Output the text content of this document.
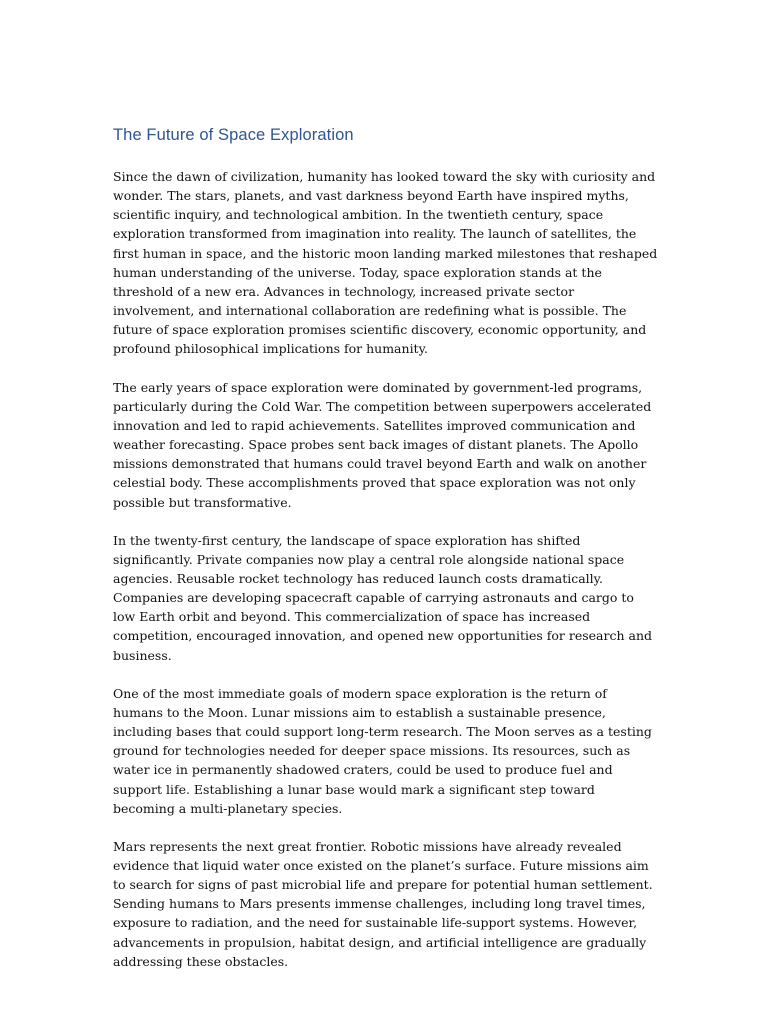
The Future of Space Exploration

Since the dawn of civilization, humanity has looked toward the sky with curiosity and wonder. The stars, planets, and vast darkness beyond Earth have inspired myths, scientific inquiry, and technological ambition. In the twentieth century, space exploration transformed from imagination into reality. The launch of satellites, the first human in space, and the historic moon landing marked milestones that reshaped human understanding of the universe. Today, space exploration stands at the threshold of a new era. Advances in technology, increased private sector involvement, and international collaboration are redefining what is possible. The future of space exploration promises scientific discovery, economic opportunity, and profound philosophical implications for humanity.

The early years of space exploration were dominated by government-led programs, particularly during the Cold War. The competition between superpowers accelerated innovation and led to rapid achievements. Satellites improved communication and weather forecasting. Space probes sent back images of distant planets. The Apollo missions demonstrated that humans could travel beyond Earth and walk on another celestial body. These accomplishments proved that space exploration was not only possible but transformative.

In the twenty-first century, the landscape of space exploration has shifted significantly. Private companies now play a central role alongside national space agencies. Reusable rocket technology has reduced launch costs dramatically. Companies are developing spacecraft capable of carrying astronauts and cargo to low Earth orbit and beyond. This commercialization of space has increased competition, encouraged innovation, and opened new opportunities for research and business.

One of the most immediate goals of modern space exploration is the return of humans to the Moon. Lunar missions aim to establish a sustainable presence, including bases that could support long-term research. The Moon serves as a testing ground for technologies needed for deeper space missions. Its resources, such as water ice in permanently shadowed craters, could be used to produce fuel and support life. Establishing a lunar base would mark a significant step toward becoming a multi-planetary species.

Mars represents the next great frontier. Robotic missions have already revealed evidence that liquid water once existed on the planet’s surface. Future missions aim to search for signs of past microbial life and prepare for potential human settlement. Sending humans to Mars presents immense challenges, including long travel times, exposure to radiation, and the need for sustainable life-support systems. However, advancements in propulsion, habitat design, and artificial intelligence are gradually addressing these obstacles.
